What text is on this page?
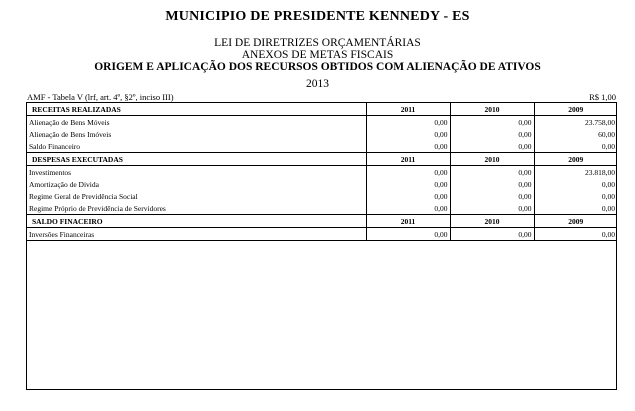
MUNICIPIO DE PRESIDENTE KENNEDY - ES
LEI DE DIRETRIZES ORÇAMENTÁRIAS
ANEXOS DE METAS FISCAIS
ORIGEM E APLICAÇÃO DOS RECURSOS OBTIDOS COM ALIENAÇÃO DE ATIVOS
2013
AMF - Tabela V (lrf, art. 4º, §2º, inciso III)	R$ 1,00
RECEITAS REALIZADAS	2011	2010	2009
Alienação de Bens Móveis	0,00	0,00	23.758,00
Alienação de Bens Imóveis	0,00	0,00	60,00
Saldo Financeiro	0,00	0,00	0,00
DESPESAS EXECUTADAS	2011	2010	2009
Investimentos	0,00	0,00	23.818,00
Amortização de Divida	0,00	0,00	0,00
Regime Geral de Previdência Social	0,00	0,00	0,00
Regime Próprio de Previdência de Servidores	0,00	0,00	0,00
SALDO FINACEIRO	2011	2010	2009
Inversões Financeiras	0,00	0,00	0,00
